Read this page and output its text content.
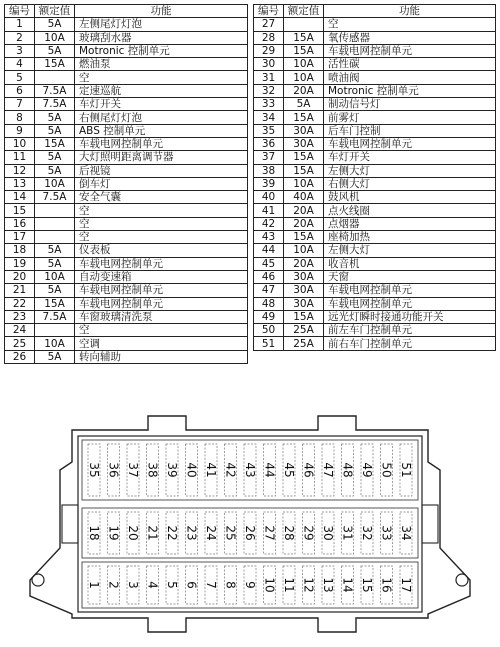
编号	额定值	功能
1	5A	左侧尾灯灯泡
2	10A	玻璃刮水器
3	5A	Motronic 控制单元
4	15A	燃油泵
5		空
6	7.5A	定速巡航
7	7.5A	车灯开关
8	5A	右侧尾灯灯泡
9	5A	ABS 控制单元
10	15A	车载电网控制单元
11	5A	大灯照明距离调节器
12	5A	后视镜
13	10A	倒车灯
14	7.5A	安全气囊
15		空
16		空
17		空
18	5A	仪表板
19	5A	车载电网控制单元
20	10A	自动变速箱
21	5A	车载电网控制单元
22	15A	车载电网控制单元
23	7.5A	车窗玻璃清洗泵
24		空
25	10A	空调
26	5A	转向辅助
编号	额定值	功能
27		空
28	15A	氧传感器
29	15A	车载电网控制单元
30	10A	活性碳
31	10A	喷油阀
32	20A	Motronic 控制单元
33	5A	制动信号灯
34	15A	前雾灯
35	30A	后车门控制
36	30A	车载电网控制单元
37	15A	车灯开关
38	15A	左侧大灯
39	10A	右侧大灯
40	40A	鼓风机
41	20A	点火线圈
42	20A	点烟器
43	15A	座椅加热
44	10A	左侧大灯
45	20A	收音机
46	30A	天窗
47	30A	车载电网控制单元
48	30A	车载电网控制单元
49	15A	远光灯瞬时接通功能开关
50	25A	前左车门控制单元
51	25A	前右车门控制单元
35 36 37 38 39 40 41 42 43 44 45 46 47 48 49 50 51
18 19 20 21 22 23 24 25 26 27 28 29 30 31 32 33 34
1 2 3 4 5 6 7 8 9 10 11 12 13 14 15 16 17
